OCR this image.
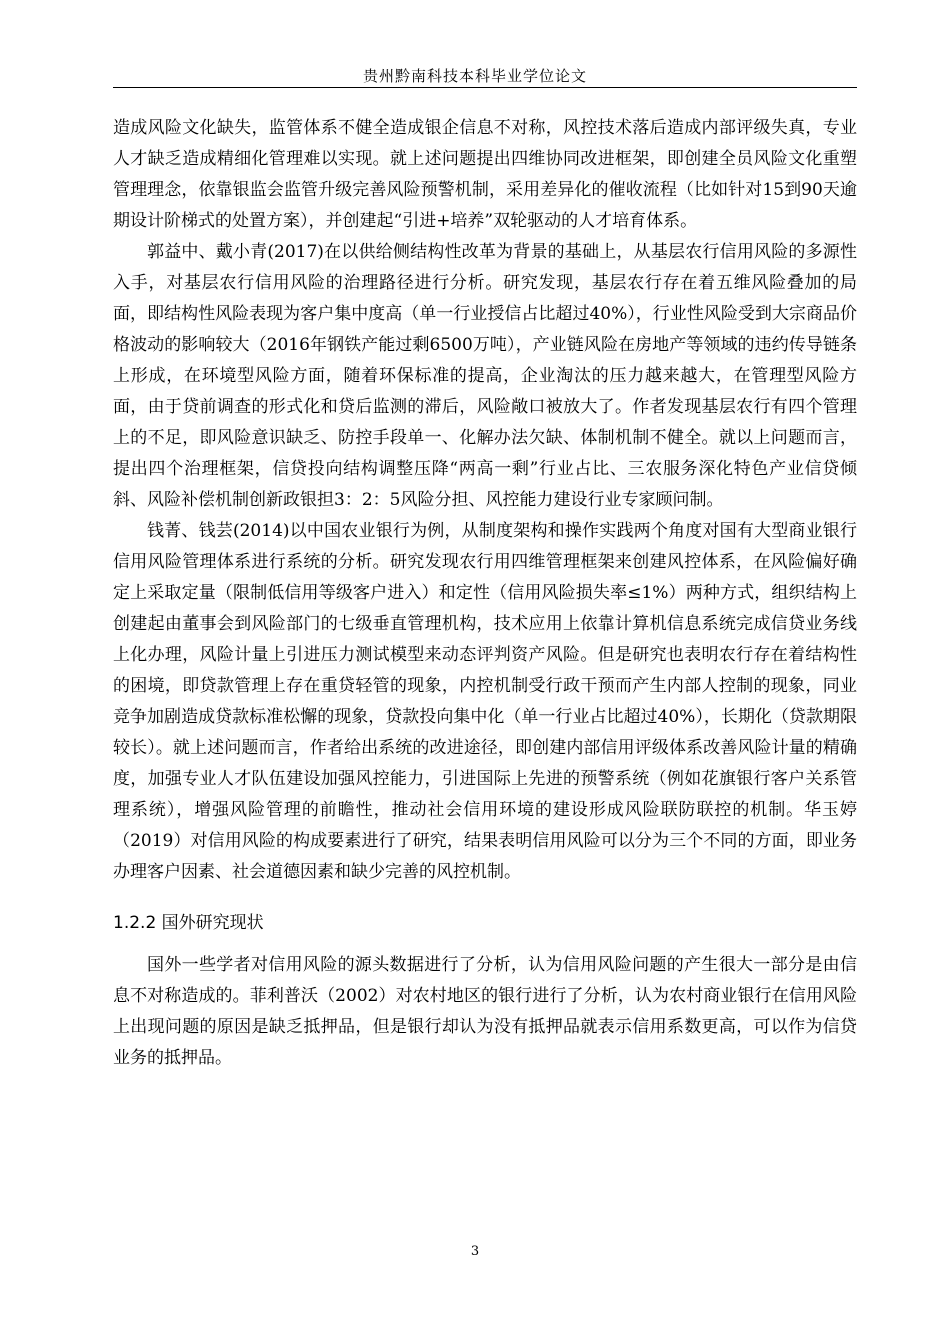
贵州黔南科技本科毕业学位论文

造成风险文化缺失，监管体系不健全造成银企信息不对称，风控技术落后造成内部评级失真，专业人才缺乏造成精细化管理难以实现。就上述问题提出四维协同改进框架，即创建全员风险文化重塑管理理念，依靠银监会监管升级完善风险预警机制，采用差异化的催收流程（比如针对15到90天逾期设计阶梯式的处置方案），并创建起“引进+培养”双轮驱动的人才培育体系。

郭益中、戴小青(2017)在以供给侧结构性改革为背景的基础上，从基层农行信用风险的多源性入手，对基层农行信用风险的治理路径进行分析。研究发现，基层农行存在着五维风险叠加的局面，即结构性风险表现为客户集中度高（单一行业授信占比超过40%），行业性风险受到大宗商品价格波动的影响较大（2016年钢铁产能过剩6500万吨），产业链风险在房地产等领域的违约传导链条上形成，在环境型风险方面，随着环保标准的提高，企业淘汰的压力越来越大，在管理型风险方面，由于贷前调查的形式化和贷后监测的滞后，风险敞口被放大了。作者发现基层农行有四个管理上的不足，即风险意识缺乏、防控手段单一、化解办法欠缺、体制机制不健全。就以上问题而言，提出四个治理框架，信贷投向结构调整压降“两高一剩”行业占比、三农服务深化特色产业信贷倾斜、风险补偿机制创新政银担3：2：5风险分担、风控能力建设行业专家顾问制。

钱菁、钱芸(2014)以中国农业银行为例，从制度架构和操作实践两个角度对国有大型商业银行信用风险管理体系进行系统的分析。研究发现农行用四维管理框架来创建风控体系，在风险偏好确定上采取定量（限制低信用等级客户进入）和定性（信用风险损失率≤1%）两种方式，组织结构上创建起由董事会到风险部门的七级垂直管理机构，技术应用上依靠计算机信息系统完成信贷业务线上化办理，风险计量上引进压力测试模型来动态评判资产风险。但是研究也表明农行存在着结构性的困境，即贷款管理上存在重贷轻管的现象，内控机制受行政干预而产生内部人控制的现象，同业竞争加剧造成贷款标准松懈的现象，贷款投向集中化（单一行业占比超过40%），长期化（贷款期限较长）。就上述问题而言，作者给出系统的改进途径，即创建内部信用评级体系改善风险计量的精确度，加强专业人才队伍建设加强风控能力，引进国际上先进的预警系统（例如花旗银行客户关系管理系统），增强风险管理的前瞻性，推动社会信用环境的建设形成风险联防联控的机制。华玉婷（2019）对信用风险的构成要素进行了研究，结果表明信用风险可以分为三个不同的方面，即业务办理客户因素、社会道德因素和缺少完善的风控机制。

1.2.2 国外研究现状

国外一些学者对信用风险的源头数据进行了分析，认为信用风险问题的产生很大一部分是由信息不对称造成的。菲利普沃（2002）对农村地区的银行进行了分析，认为农村商业银行在信用风险上出现问题的原因是缺乏抵押品，但是银行却认为没有抵押品就表示信用系数更高，可以作为信贷业务的抵押品。

3
